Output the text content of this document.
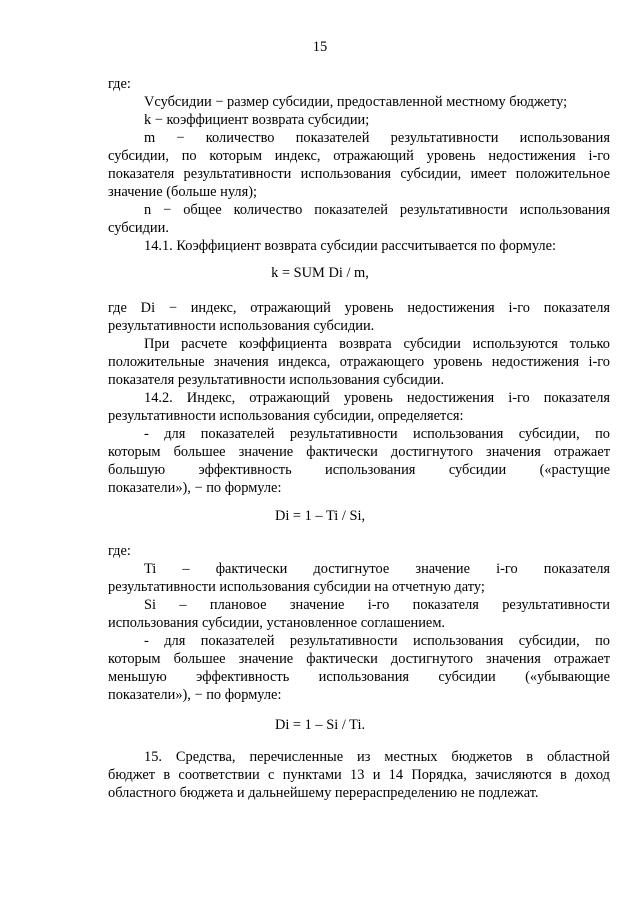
15

где:

Vсубсидии − размер субсидии, предоставленной местному бюджету;

k − коэффициент возврата субсидии;

m − количество показателей результативности использования

субсидии, по которым индекс, отражающий уровень недостижения i-го

показателя результативности использования субсидии, имеет положительное

значение (больше нуля);

n − общее количество показателей результативности использования

субсидии.

14.1. Коэффициент возврата субсидии рассчитывается по формуле:

k = SUM Di / m,

где Di − индекс, отражающий уровень недостижения i-го показателя

результативности использования субсидии.

При расчете коэффициента возврата субсидии используются только

положительные значения индекса, отражающего уровень недостижения i-го

показателя результативности использования субсидии.

14.2. Индекс, отражающий уровень недостижения i-го показателя

результативности использования субсидии, определяется:

- для показателей результативности использования субсидии, по

которым большее значение фактически достигнутого значения отражает

большую эффективность использования субсидии («растущие

показатели»), − по формуле:

Di = 1 – Ti / Si,

где:

Ti – фактически достигнутое значение i-го показателя

результативности использования субсидии на отчетную дату;

Si – плановое значение i-го показателя результативности

использования субсидии, установленное соглашением.

- для показателей результативности использования субсидии, по

которым большее значение фактически достигнутого значения отражает

меньшую эффективность использования субсидии («убывающие

показатели»), − по формуле:

Di = 1 – Si / Ti.

15. Средства, перечисленные из местных бюджетов в областной

бюджет в соответствии с пунктами 13 и 14 Порядка, зачисляются в доход

областного бюджета и дальнейшему перераспределению не подлежат.
